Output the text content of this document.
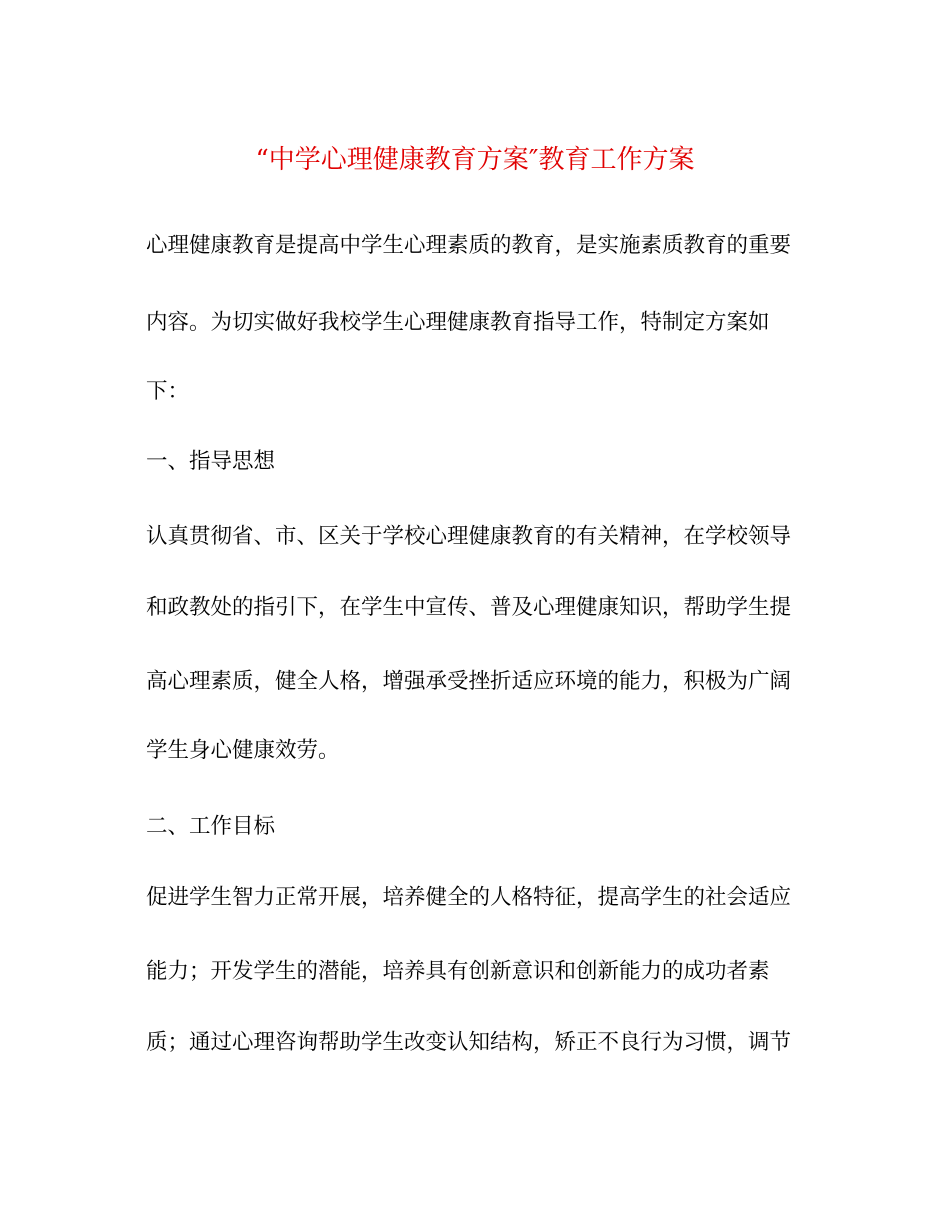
“中学心理健康教育方案″教育工作方案
心理健康教育是提高中学生心理素质的教育，是实施素质教育的重要
内容。为切实做好我校学生心理健康教育指导工作，特制定方案如
下：
一、指导思想
认真贯彻省、市、区关于学校心理健康教育的有关精神，在学校领导
和政教处的指引下，在学生中宣传、普及心理健康知识，帮助学生提
高心理素质，健全人格，增强承受挫折适应环境的能力，积极为广阔
学生身心健康效劳。
二、工作目标
促进学生智力正常开展，培养健全的人格特征，提高学生的社会适应
能力；开发学生的潜能，培养具有创新意识和创新能力的成功者素
质；通过心理咨询帮助学生改变认知结构，矫正不良行为习惯，调节
